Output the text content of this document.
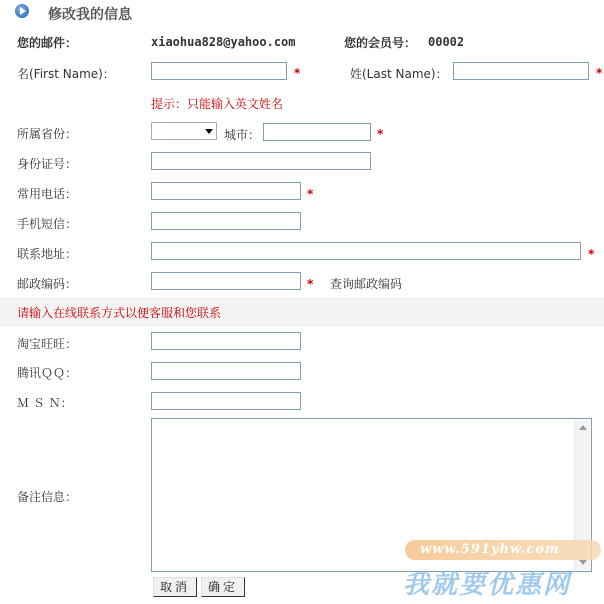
修改我的信息
您的邮件：	xiaohua828@yahoo.com	您的会员号： 00002
名(First Name)：	*	姓(Last Name)：	*
提示：只能输入英文姓名
所属省份：	城市：	*
身份证号：
常用电话：	*
手机短信：
联系地址：	*
邮政编码：	* 查询邮政编码
请输入在线联系方式以便客服和您联系
淘宝旺旺：
腾讯ＱＱ：
Ｍ Ｓ Ｎ：
备注信息：
www.591yhw.com
我就要优惠网
取消	确定
